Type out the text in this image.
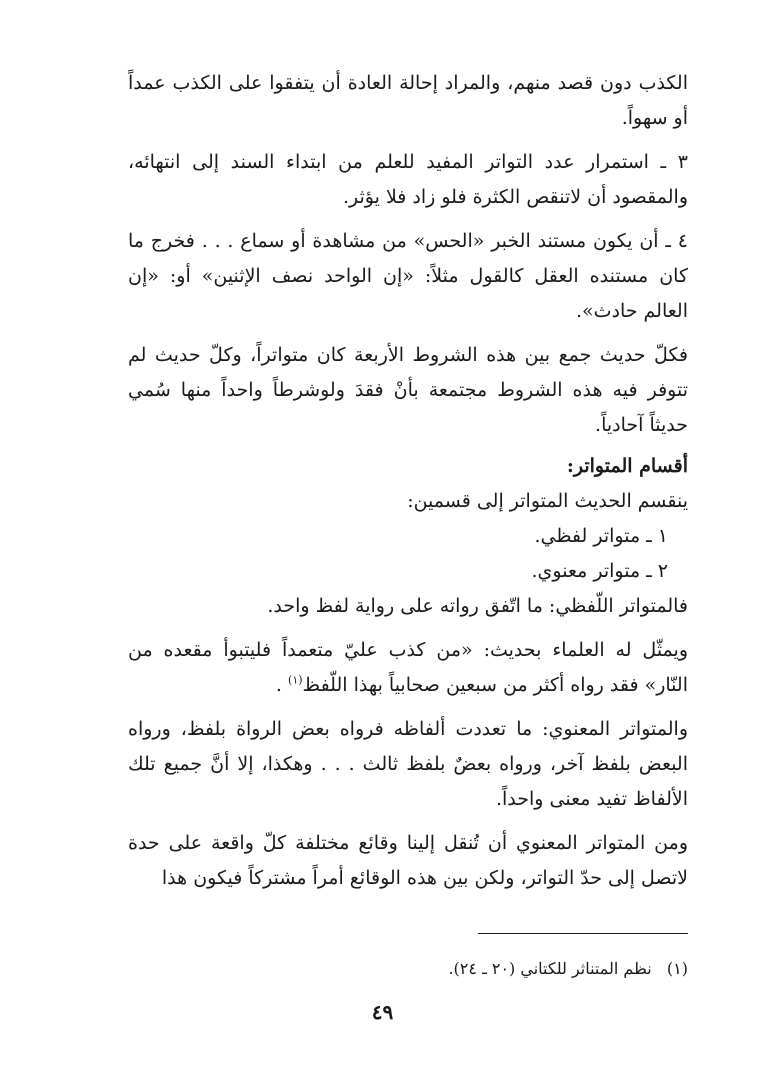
الكذب دون قصد منهم، والمراد إحالة العادة أن يتفقوا على الكذب عمداً أو سهواً.

٣ ـ استمرار عدد التواتر المفيد للعلم من ابتداء السند إلى انتهائه، والمقصود أن لاتنقص الكثرة فلو زاد فلا يؤثر.

٤ ـ أن يكون مستند الخبر «الحس» من مشاهدة أو سماع . . . فخرج ما كان مستنده العقل كالقول مثلاً: «إن الواحد نصف الإثنين» أو: «إن العالم حادث».

فكلّ حديث جمع بين هذه الشروط الأربعة كان متواتراً، وكلّ حديث لم تتوفر فيه هذه الشروط مجتمعة بأنْ فقدَ ولوشرطاً واحداً منها سُمي حديثاً آحادياً.

أقسام المتواتر:

ينقسم الحديث المتواتر إلى قسمين:

١ ـ متواتر لفظي.

٢ ـ متواتر معنوي.

فالمتواتر اللّفظي: ما اتّفق رواته على رواية لفظ واحد.

ويمثّل له العلماء بحديث: «من كذب عليّ متعمداً فليتبوأ مقعده من النّار» فقد رواه أكثر من سبعين صحابياً بهذا اللّفظ$^{(١)}$ .

والمتواتر المعنوي: ما تعددت ألفاظه فرواه بعض الرواة بلفظ، ورواه البعض بلفظ آخر، ورواه بعضٌ بلفظ ثالث . . . وهكذا، إلا أنَّ جميع تلك الألفاظ تفيد معنى واحداً.

ومن المتواتر المعنوي أن تُنقل إلينا وقائع مختلفة كلّ واقعة على حدة لاتصل إلى حدّ التواتر، ولكن بين هذه الوقائع أمراً مشتركاً فيكون هذا

(١)   نظم المتناثر للكتاني (٢٠ ـ ٢٤).
٤٩
